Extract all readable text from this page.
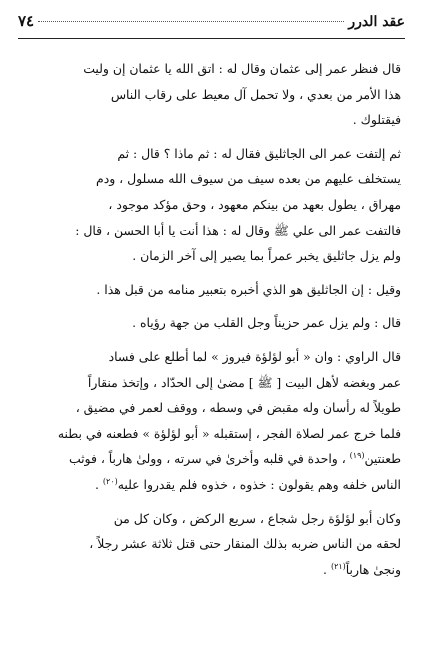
٧٤	عقد الدرر

قال فنظر عمر إلى عثمان وقال له : اتق الله يا عثمان إن وليت

هذا الأمر من بعدي ، ولا تحمل آل معيط على رقاب الناس

فيقتلوك .

ثم إلتفت عمر الى الجاثليق فقال له : ثم ماذا ؟ قال : ثم

يستخلف عليهم من بعده سيف من سيوف الله مسلول ، ودم

مهراق ، يطول بعهد من بينكم معهود ، وحق مؤكد موجود ،

فالتفت عمر الى علي ﷺ وقال له : هذا أنت يا أبا الحسن ، قال :

ولم يزل جاثليق يخبر عمراً بما يصير إلى آخر الزمان .

وقيل : إن الجاثليق هو الذي أخبره بتعبير منامه من قبل هذا .

قال : ولم يزل عمر حزيناً وجل القلب من جهة رؤياه .

قال الراوي : وان « أبو لؤلؤة فيروز » لما أطلع على فساد

عمر وبغضه لأهل البيت [ ﷺ ] مضىٰ إلى الحدّاد ، وإتخذ منقاراً

طويلاً له رأسان وله مقبض في وسطه ، ووقف لعمر في مضيق ،

فلما خرج عمر لصلاة الفجر ، إستقبله « أبو لؤلؤة » فطعنه في بطنه

طعنتين$^{(١٩)}$ ، واحدة في قلبه وأخرىٰ في سرته ، وولىٰ هارباً ، فوثب

الناس خلفه وهم يقولون : خذوه ، خذوه فلم يقدروا عليه$^{(٢٠)}$ .

وكان أبو لؤلؤة رجل شجاع ، سريع الركض ، وكان كل من

لحقه من الناس ضربه بذلك المنقار حتى قتل ثلاثة عشر رجلاً ،

ونجىٰ هارباً$^{(٢١)}$ .
